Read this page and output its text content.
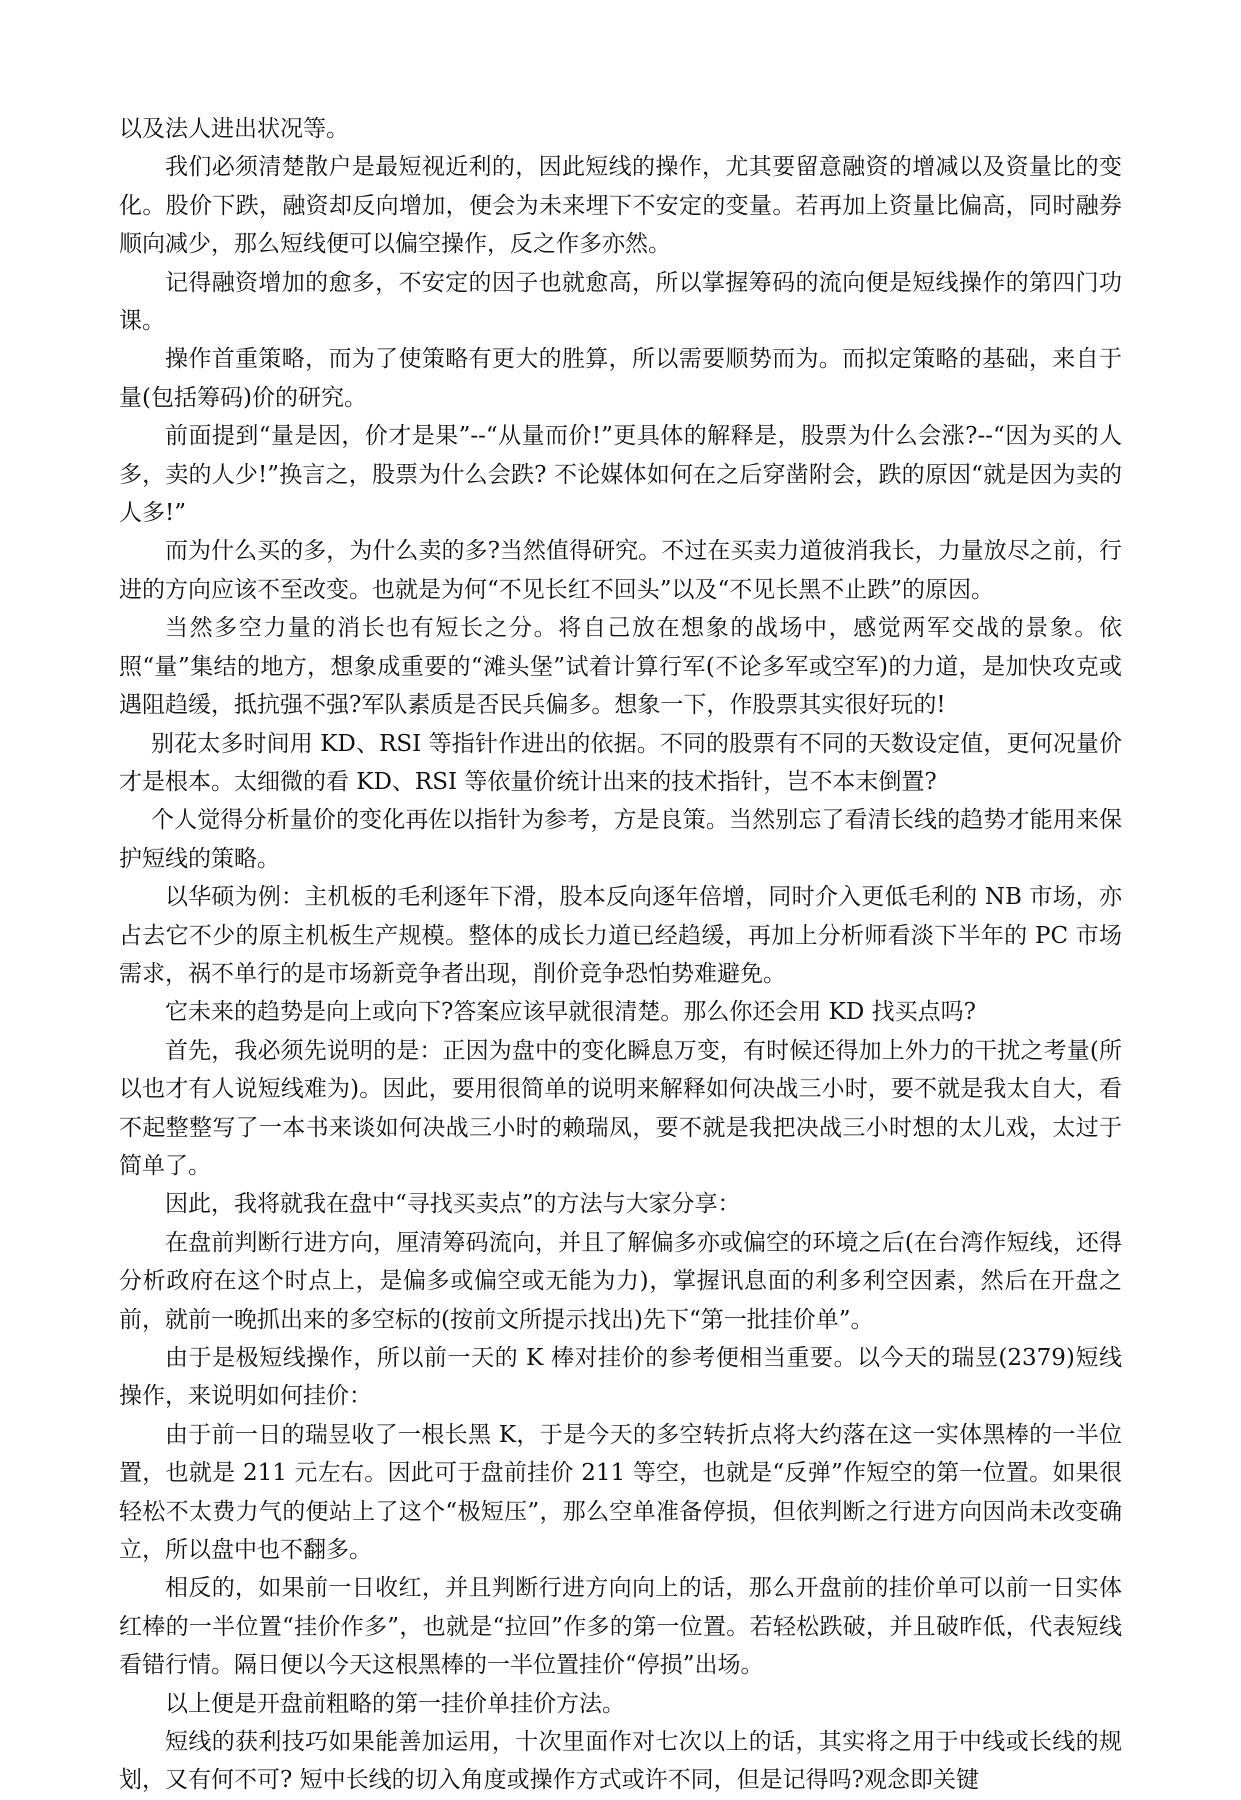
以及法人进出状况等。

我们必须清楚散户是最短视近利的，因此短线的操作，尤其要留意融资的增减以及资量比的变化。股价下跌，融资却反向增加，便会为未来埋下不安定的变量。若再加上资量比偏高，同时融券顺向减少，那么短线便可以偏空操作，反之作多亦然。

记得融资增加的愈多，不安定的因子也就愈高，所以掌握筹码的流向便是短线操作的第四门功课。

操作首重策略，而为了使策略有更大的胜算，所以需要顺势而为。而拟定策略的基础，来自于量(包括筹码)价的研究。

前面提到“量是因，价才是果”--“从量而价!”更具体的解释是，股票为什么会涨?--“因为买的人多，卖的人少!”换言之，股票为什么会跌? 不论媒体如何在之后穿凿附会，跌的原因“就是因为卖的人多!”

而为什么买的多，为什么卖的多?当然值得研究。不过在买卖力道彼消我长，力量放尽之前，行进的方向应该不至改变。也就是为何“不见长红不回头”以及“不见长黑不止跌”的原因。

当然多空力量的消长也有短长之分。将自己放在想象的战场中，感觉两军交战的景象。依照“量”集结的地方，想象成重要的“滩头堡”试着计算行军(不论多军或空军)的力道，是加快攻克或遇阻趋缓，抵抗强不强?军队素质是否民兵偏多。想象一下，作股票其实很好玩的!

别花太多时间用 KD、RSI 等指针作进出的依据。不同的股票有不同的天数设定值，更何况量价才是根本。太细微的看 KD、RSI 等依量价统计出来的技术指针，岂不本末倒置?

个人觉得分析量价的变化再佐以指针为参考，方是良策。当然别忘了看清长线的趋势才能用来保护短线的策略。

以华硕为例：主机板的毛利逐年下滑，股本反向逐年倍增，同时介入更低毛利的 NB 市场，亦占去它不少的原主机板生产规模。整体的成长力道已经趋缓，再加上分析师看淡下半年的 PC 市场需求，祸不单行的是市场新竞争者出现，削价竞争恐怕势难避免。

它未来的趋势是向上或向下?答案应该早就很清楚。那么你还会用 KD 找买点吗?

首先，我必须先说明的是：正因为盘中的变化瞬息万变，有时候还得加上外力的干扰之考量(所以也才有人说短线难为)。因此，要用很简单的说明来解释如何决战三小时，要不就是我太自大，看不起整整写了一本书来谈如何决战三小时的赖瑞凤，要不就是我把决战三小时想的太儿戏，太过于简单了。

因此，我将就我在盘中“寻找买卖点”的方法与大家分享：

在盘前判断行进方向，厘清筹码流向，并且了解偏多亦或偏空的环境之后(在台湾作短线，还得分析政府在这个时点上，是偏多或偏空或无能为力)，掌握讯息面的利多利空因素，然后在开盘之前，就前一晚抓出来的多空标的(按前文所提示找出)先下“第一批挂价单”。

由于是极短线操作，所以前一天的 K 棒对挂价的参考便相当重要。以今天的瑞昱(2379)短线操作，来说明如何挂价：

由于前一日的瑞昱收了一根长黑 K，于是今天的多空转折点将大约落在这一实体黑棒的一半位置，也就是 211 元左右。因此可于盘前挂价 211 等空，也就是“反弹”作短空的第一位置。如果很轻松不太费力气的便站上了这个“极短压”，那么空单准备停损，但依判断之行进方向因尚未改变确立，所以盘中也不翻多。

相反的，如果前一日收红，并且判断行进方向向上的话，那么开盘前的挂价单可以前一日实体红棒的一半位置“挂价作多”，也就是“拉回”作多的第一位置。若轻松跌破，并且破昨低，代表短线看错行情。隔日便以今天这根黑棒的一半位置挂价“停损”出场。

以上便是开盘前粗略的第一挂价单挂价方法。

短线的获利技巧如果能善加运用，十次里面作对七次以上的话，其实将之用于中线或长线的规划，又有何不可? 短中长线的切入角度或操作方式或许不同，但是记得吗?观念即关键
